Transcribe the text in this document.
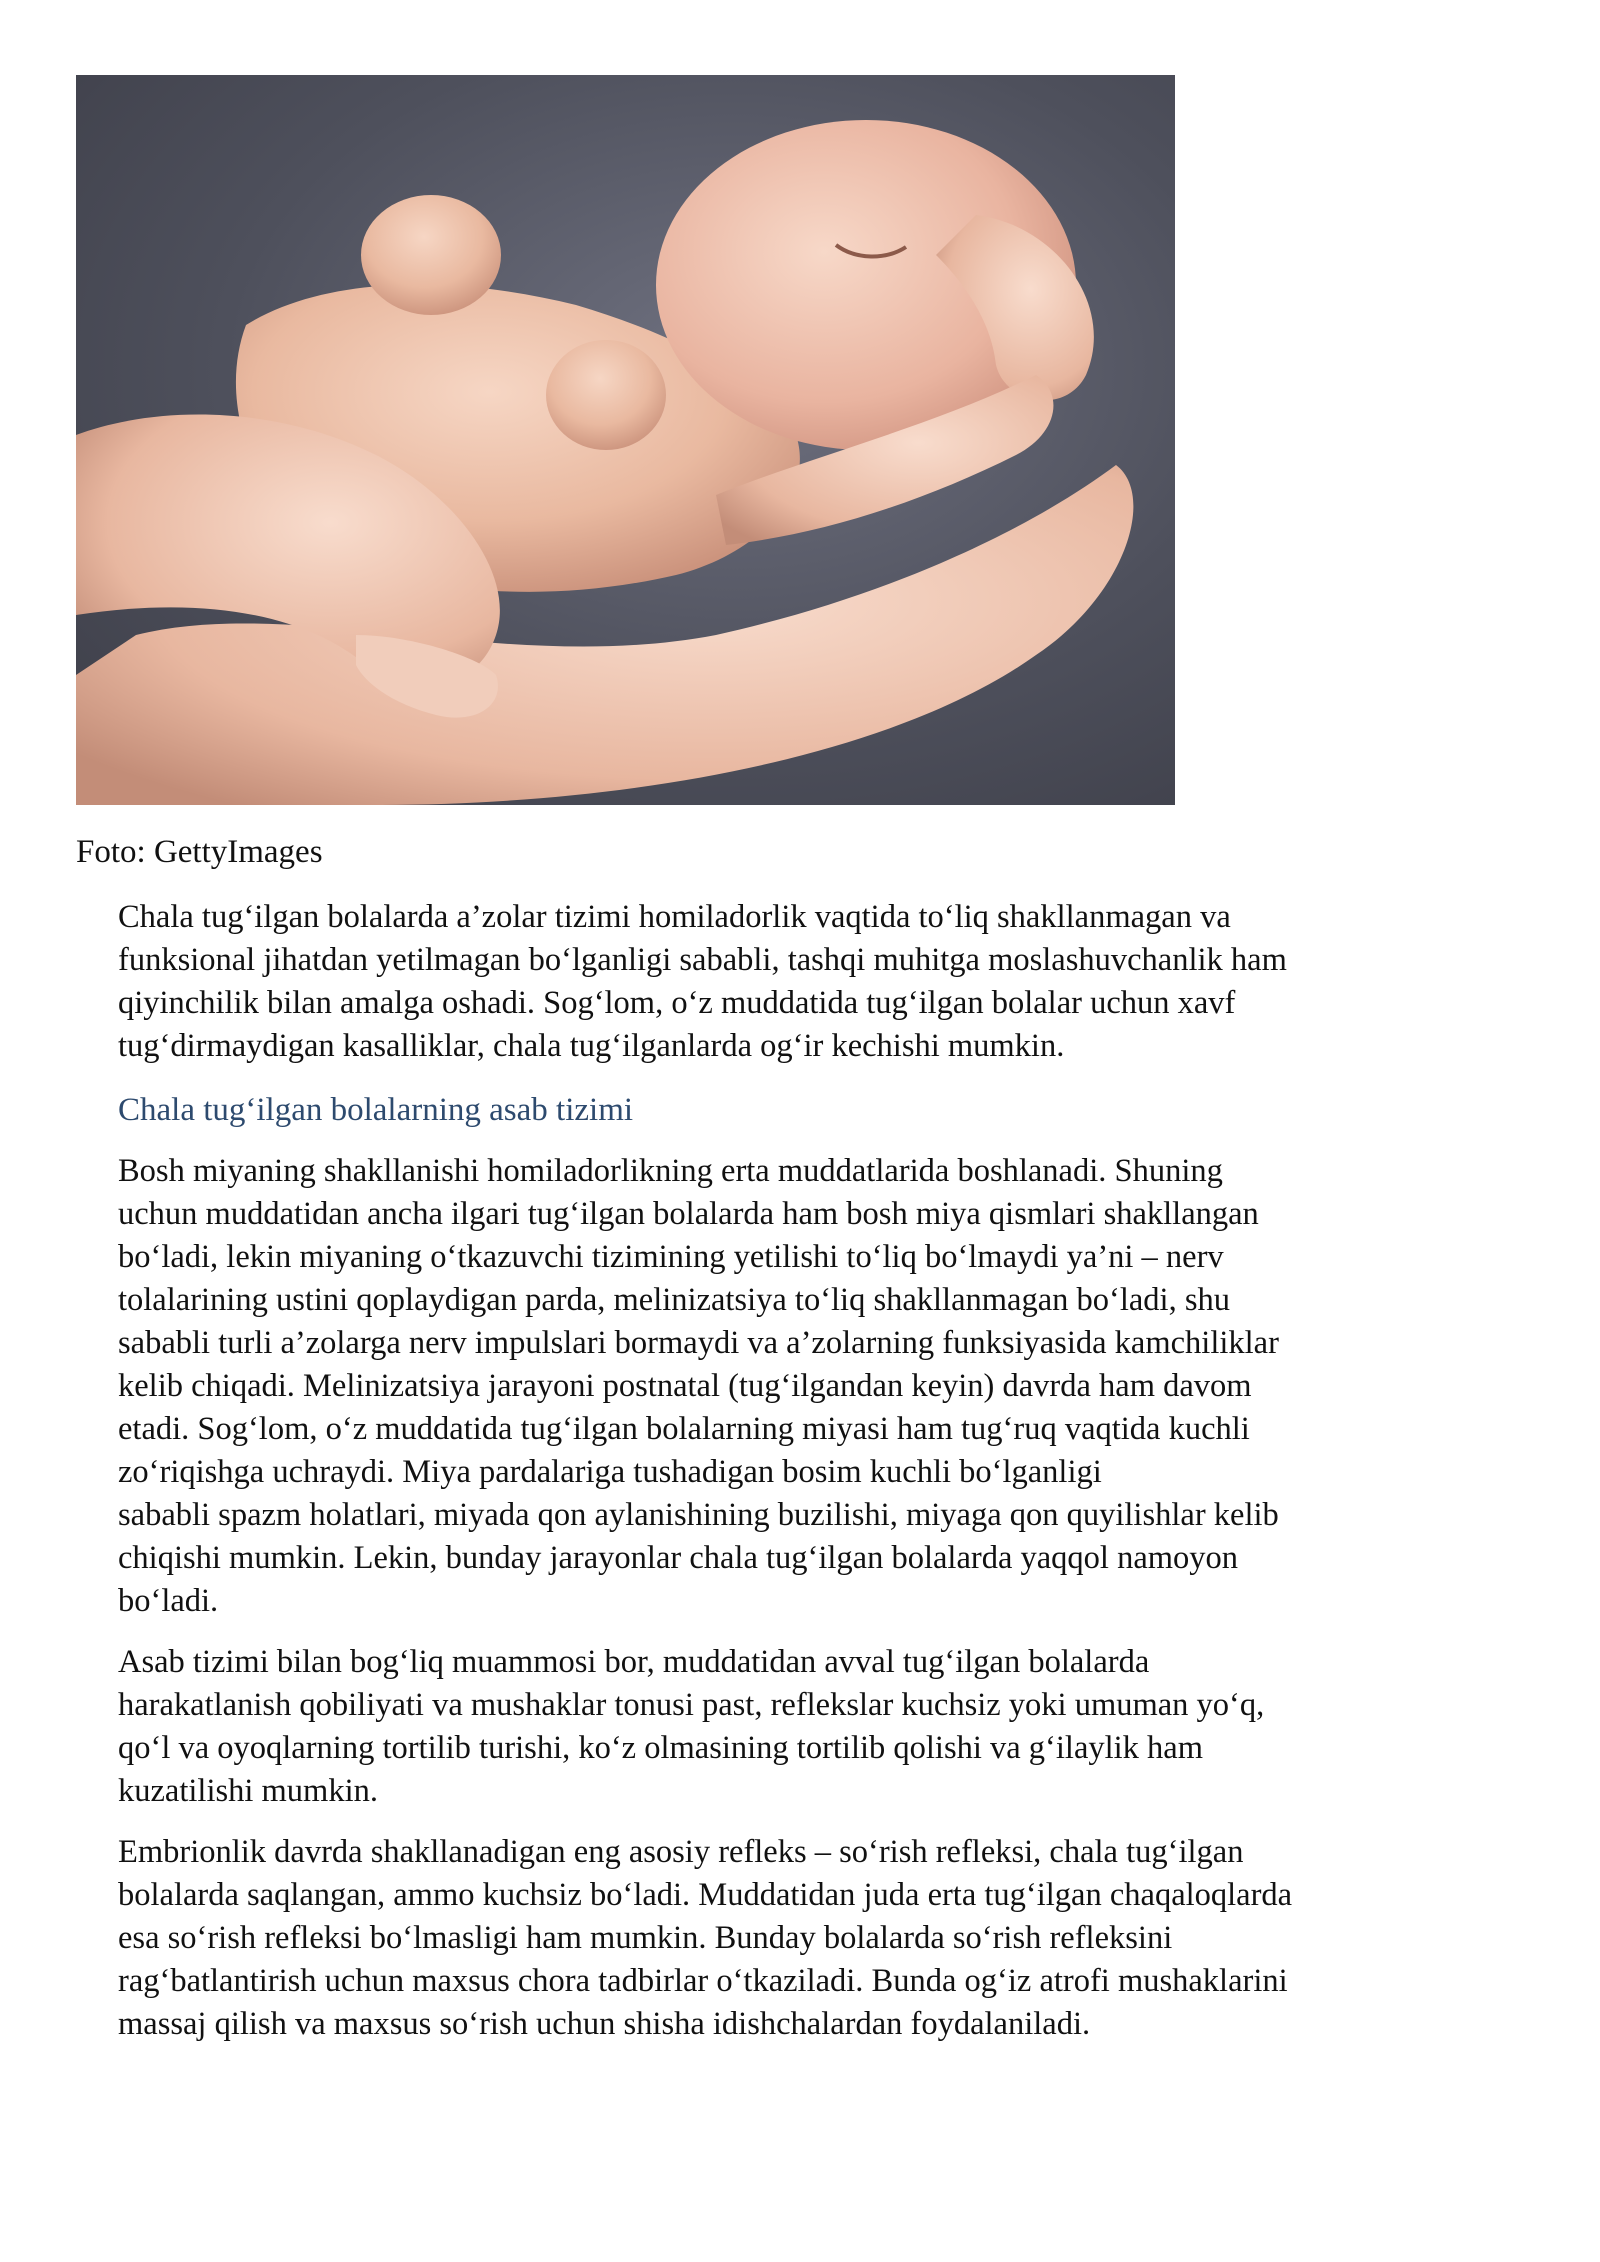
Foto: GettyImages

Chala tug‘ilgan bolalarda a’zolar tizimi homiladorlik vaqtida to‘liq shakllanmagan va
funksional jihatdan yetilmagan bo‘lganligi sababli, tashqi muhitga moslashuvchanlik ham
qiyinchilik bilan amalga oshadi. Sog‘lom, o‘z muddatida tug‘ilgan bolalar uchun xavf
tug‘dirmaydigan kasalliklar, chala tug‘ilganlarda og‘ir kechishi mumkin.

Chala tug‘ilgan bolalarning asab tizimi

Bosh miyaning shakllanishi homiladorlikning erta muddatlarida boshlanadi. Shuning
uchun muddatidan ancha ilgari tug‘ilgan bolalarda ham bosh miya qismlari shakllangan
bo‘ladi, lekin miyaning o‘tkazuvchi tizimining yetilishi to‘liq bo‘lmaydi ya’ni – nerv
tolalarining ustini qoplaydigan parda, melinizatsiya to‘liq shakllanmagan bo‘ladi, shu
sababli turli a’zolarga nerv impulslari bormaydi va a’zolarning funksiyasida kamchiliklar
kelib chiqadi. Melinizatsiya jarayoni postnatal (tug‘ilgandan keyin) davrda ham davom
etadi. Sog‘lom, o‘z muddatida tug‘ilgan bolalarning miyasi ham tug‘ruq vaqtida kuchli
zo‘riqishga uchraydi. Miya pardalariga tushadigan bosim kuchli bo‘lganligi
sababli spazm holatlari, miyada qon aylanishining buzilishi, miyaga qon quyilishlar kelib
chiqishi mumkin. Lekin, bunday jarayonlar chala tug‘ilgan bolalarda yaqqol namoyon
bo‘ladi.

Asab tizimi bilan bog‘liq muammosi bor, muddatidan avval tug‘ilgan bolalarda
harakatlanish qobiliyati va mushaklar tonusi past, reflekslar kuchsiz yoki umuman yo‘q,
qo‘l va oyoqlarning tortilib turishi, ko‘z olmasining tortilib qolishi va g‘ilaylik ham
kuzatilishi mumkin.

Embrionlik davrda shakllanadigan eng asosiy refleks – so‘rish refleksi, chala tug‘ilgan
bolalarda saqlangan, ammo kuchsiz bo‘ladi. Muddatidan juda erta tug‘ilgan chaqaloqlarda
esa so‘rish refleksi bo‘lmasligi ham mumkin. Bunday bolalarda so‘rish refleksini
rag‘batlantirish uchun maxsus chora tadbirlar o‘tkaziladi. Bunda og‘iz atrofi mushaklarini
massaj qilish va maxsus so‘rish uchun shisha idishchalardan foydalaniladi.
